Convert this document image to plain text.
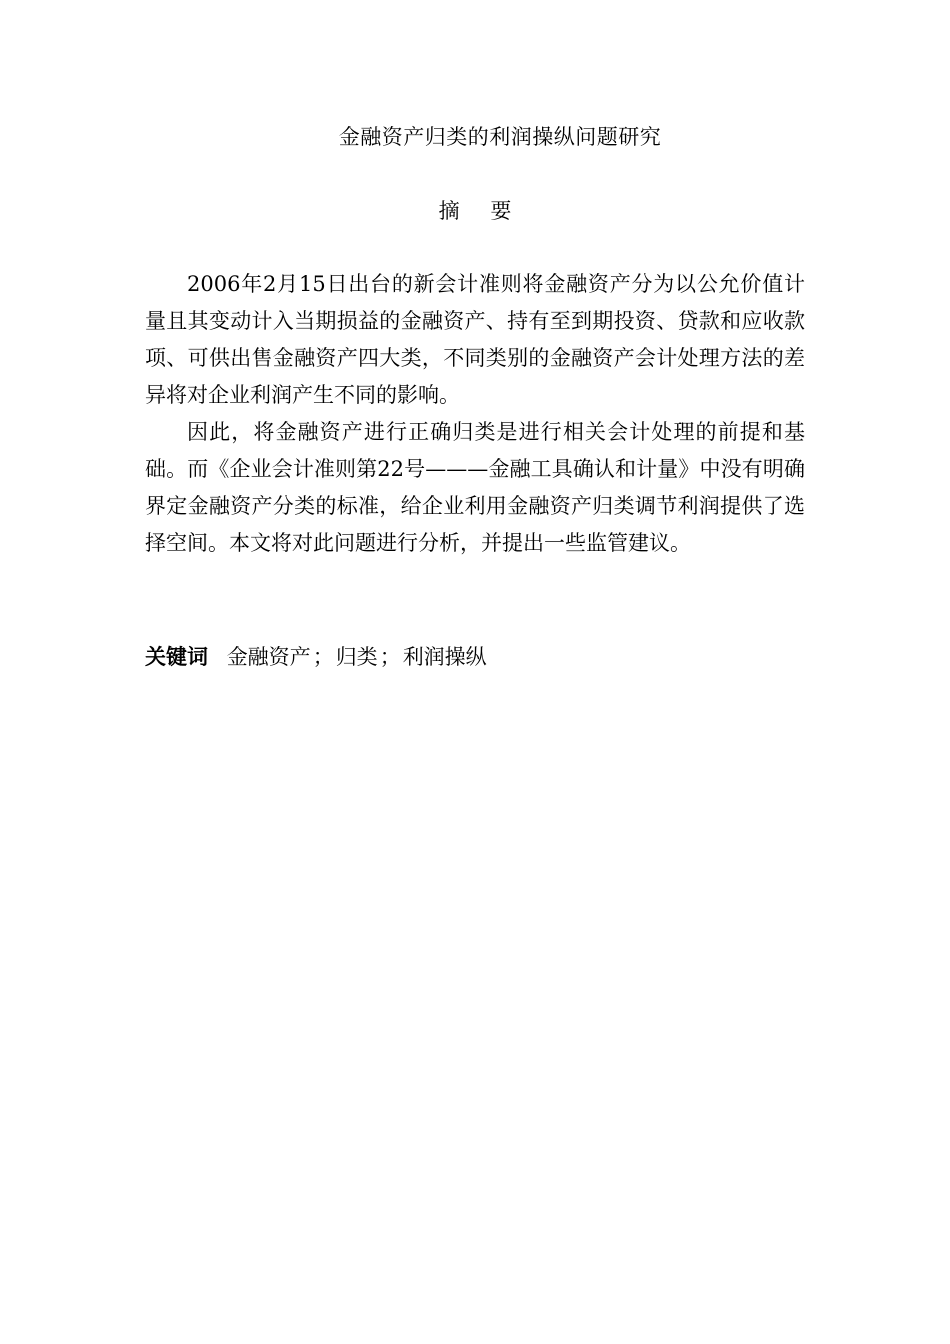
金融资产归类的利润操纵问题研究
摘 要

2006年2月15日出台的新会计准则将金融资产分为以公允价值计量且其变动计入当期损益的金融资产、持有至到期投资、贷款和应收款项、可供出售金融资产四大类，不同类别的金融资产会计处理方法的差异将对企业利润产生不同的影响。

因此，将金融资产进行正确归类是进行相关会计处理的前提和基础。而《企业会计准则第22号———金融工具确认和计量》中没有明确界定金融资产分类的标准，给企业利用金融资产归类调节利润提供了选择空间。本文将对此问题进行分析，并提出一些监管建议。

关键词 金融资产；归类；利润操纵
